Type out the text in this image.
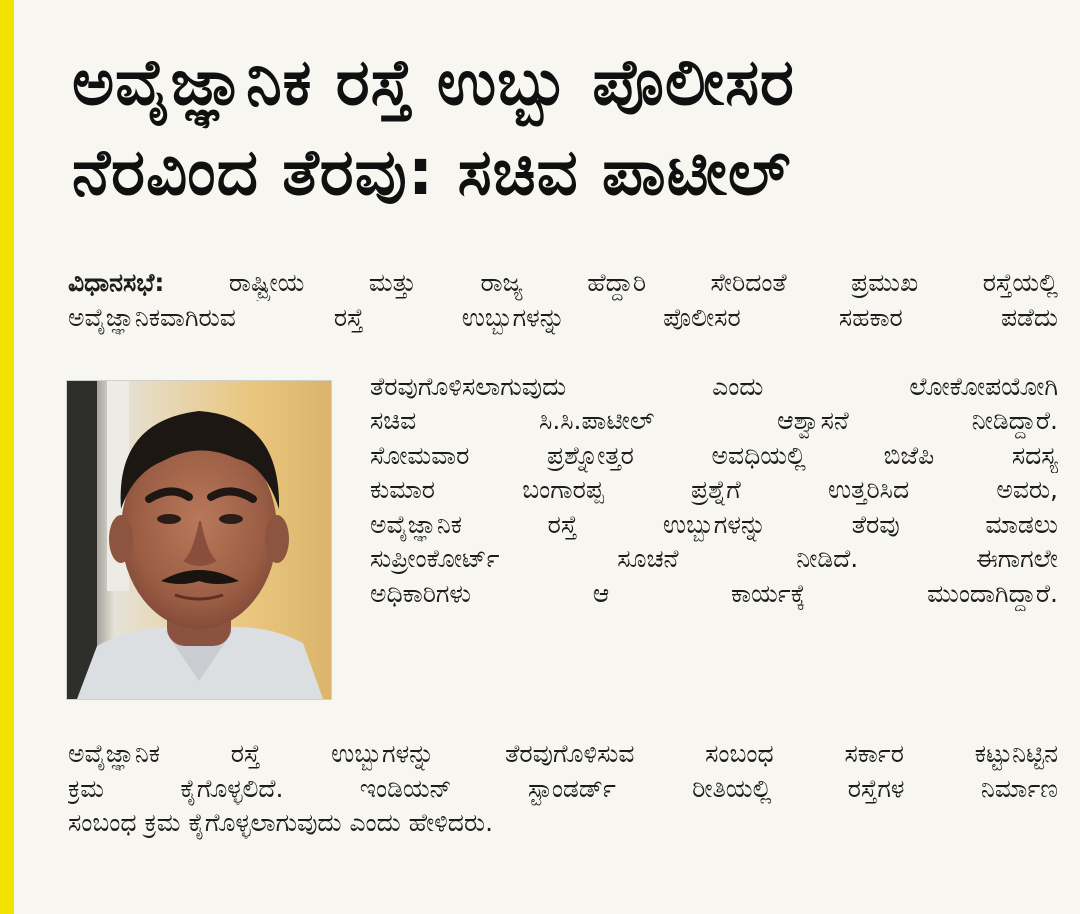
ಅವೈಜ್ಞಾನಿಕ ರಸ್ತೆ ಉಬ್ಬು ಪೊಲೀಸರ
ನೆರವಿಂದ ತೆರವು: ಸಚಿವ ಪಾಟೀಲ್
ವಿಧಾನಸಭೆ:	ರಾಷ್ಟ್ರೀಯ ಮತ್ತು ರಾಜ್ಯ ಹೆದ್ದಾರಿ ಸೇರಿದಂತೆ ಪ್ರಮುಖ ರಸ್ತೆಯಲ್ಲಿ
ಅವೈಜ್ಞಾನಿಕವಾಗಿರುವ ರಸ್ತೆ ಉಬ್ಬುಗಳನ್ನು ಪೊಲೀಸರ ಸಹಕಾರ ಪಡೆದು
ತೆರವುಗೊಳಿಸಲಾಗುವುದು ಎಂದು ಲೋಕೋಪಯೋಗಿ
ಸಚಿವ ಸಿ.ಸಿ.ಪಾಟೀಲ್ ಆಶ್ವಾಸನೆ ನೀಡಿದ್ದಾರೆ.
ಸೋಮವಾರ ಪ್ರಶ್ನೋತ್ತರ ಅವಧಿಯಲ್ಲಿ ಬಿಜೆಪಿ ಸದಸ್ಯ
ಕುಮಾರ ಬಂಗಾರಪ್ಪ ಪ್ರಶ್ನೆಗೆ ಉತ್ತರಿಸಿದ ಅವರು,
ಅವೈಜ್ಞಾನಿಕ ರಸ್ತೆ ಉಬ್ಬುಗಳನ್ನು ತೆರವು ಮಾಡಲು
ಸುಪ್ರೀಂಕೋರ್ಟ್ ಸೂಚನೆ ನೀಡಿದೆ. ಈಗಾಗಲೇ
ಅಧಿಕಾರಿಗಳು ಆ ಕಾರ್ಯಕ್ಕೆ ಮುಂದಾಗಿದ್ದಾರೆ.
ಅವೈಜ್ಞಾನಿಕ ರಸ್ತೆ ಉಬ್ಬುಗಳನ್ನು ತೆರವುಗೊಳಿಸುವ ಸಂಬಂಧ ಸರ್ಕಾರ ಕಟ್ಟುನಿಟ್ಟಿನ
ಕ್ರಮ ಕೈಗೊಳ್ಳಲಿದೆ. ಇಂಡಿಯನ್ ಸ್ಟಾಂಡರ್ಡ್ ರೀತಿಯಲ್ಲಿ ರಸ್ತೆಗಳ ನಿರ್ಮಾಣ
ಸಂಬಂಧ ಕ್ರಮ ಕೈಗೊಳ್ಳಲಾಗುವುದು ಎಂದು ಹೇಳಿದರು.
